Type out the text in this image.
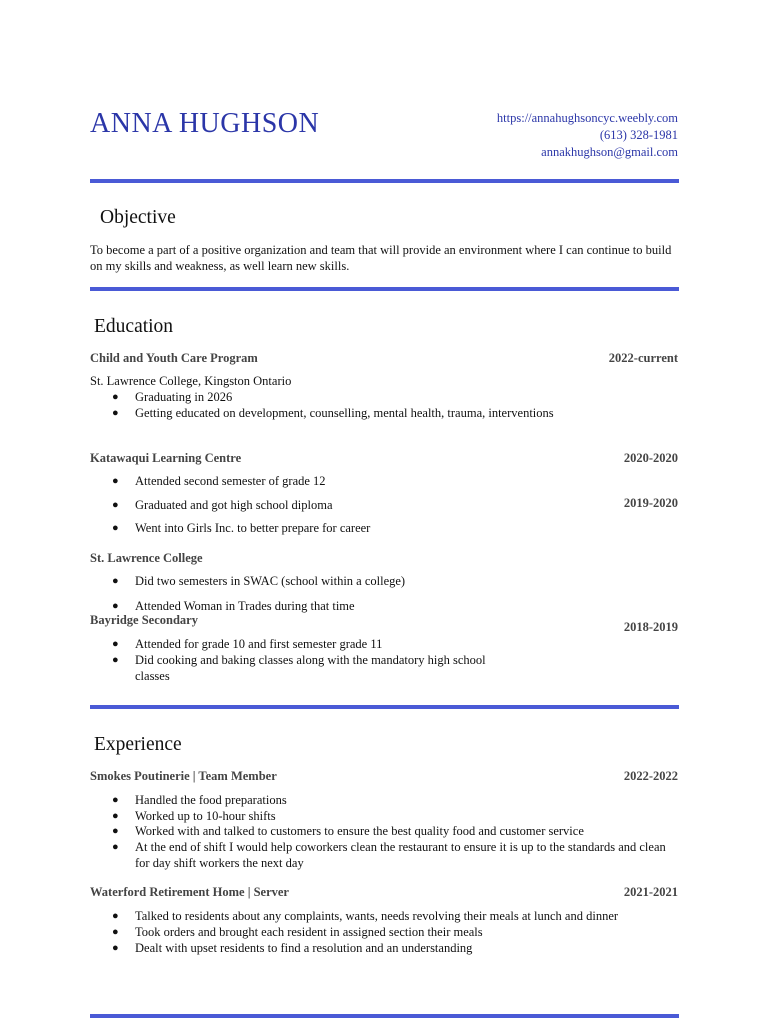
ANNA HUGHSON	https://annahughsoncyc.weebly.com
(613) 328-1981
annakhughson@gmail.com
Objective
To become a part of a positive organization and team that will provide an environment where I can continue to build on my skills and weakness, as well learn new skills.
Education
Child and Youth Care Program	2022-current
St. Lawrence College, Kingston Ontario
● Graduating in 2026
● Getting educated on development, counselling, mental health, trauma, interventions
Katawaqui Learning Centre	2020-2020
● Attended second semester of grade 12
● Graduated and got high school diploma	2019-2020
● Went into Girls Inc. to better prepare for career
St. Lawrence College
● Did two semesters in SWAC (school within a college)
● Attended Woman in Trades during that time
Bayridge Secondary	2018-2019
● Attended for grade 10 and first semester grade 11
● Did cooking and baking classes along with the mandatory high school classes
Experience
Smokes Poutinerie | Team Member	2022-2022
● Handled the food preparations
● Worked up to 10-hour shifts
● Worked with and talked to customers to ensure the best quality food and customer service
● At the end of shift I would help coworkers clean the restaurant to ensure it is up to the standards and clean for day shift workers the next day
Waterford Retirement Home | Server	2021-2021
● Talked to residents about any complaints, wants, needs revolving their meals at lunch and dinner
● Took orders and brought each resident in assigned section their meals
● Dealt with upset residents to find a resolution and an understanding
